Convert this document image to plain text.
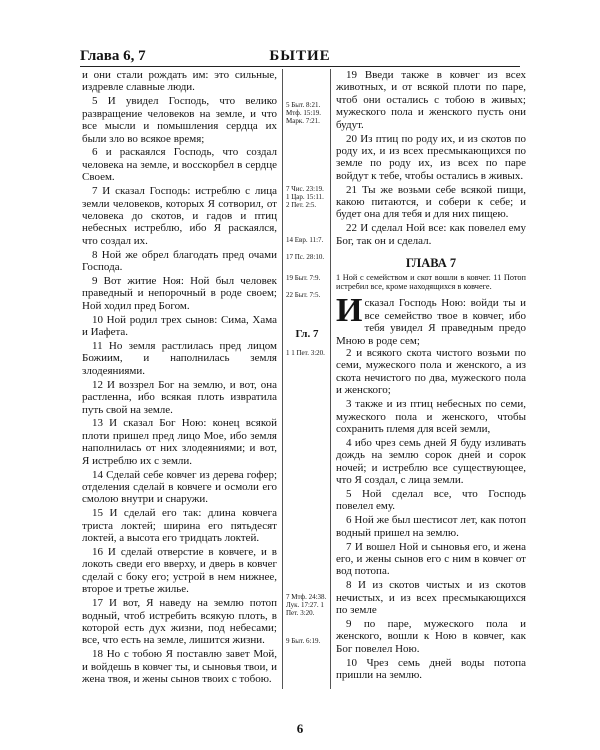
Глава 6, 7	БЫТИЕ

и они стали рождать им: это сильные, издревле славные люди.

5 И увидел Господь, что велико развращение человеков на земле, и что все мысли и помышления сердца их были зло во всякое время;

6 и раскаялся Господь, что создал человека на земле, и восскорбел в сердце Своем.

7 И сказал Господь: истреблю с лица земли человеков, которых Я сотворил, от человека до скотов, и гадов и птиц небесных истреблю, ибо Я раскаялся, что создал их.

8 Ной же обрел благодать пред очами Господа.

9 Вот житие Ноя: Ной был человек праведный и непорочный в роде своем; Ной ходил пред Богом.

10 Ной родил трех сынов: Сима, Хама и Иафета.

11 Но земля растлилась пред лицом Божиим, и наполнилась земля злодеяниями.

12 И воззрел Бог на землю, и вот, она растленна, ибо всякая плоть извратила путь свой на земле.

13 И сказал Бог Ною: конец всякой плоти пришел пред лицо Мое, ибо земля наполнилась от них злодеяниями; и вот, Я истреблю их с земли.

14 Сделай себе ковчег из дерева гофер; отделения сделай в ковчеге и осмоли его смолою внутри и снаружи.

15 И сделай его так: длина ковчега триста локтей; ширина его пятьдесят локтей, а высота его тридцать локтей.

16 И сделай отверстие в ковчеге, и в локоть сведи его вверху, и дверь в ковчег сделай с боку его; устрой в нем нижнее, второе и третье жилье.

17 И вот, Я наведу на землю потоп водный, чтоб истребить всякую плоть, в которой есть дух жизни, под небесами; все, что есть на земле, лишится жизни.

18 Но с тобою Я поставлю завет Мой, и войдешь в ковчег ты, и сыновья твои, и жена твоя, и жены сынов твоих с тобою.

5 Быт. 8:21. Мтф. 15:19. Марк. 7:21.
7 Чис. 23:19. 1 Цар. 15:11. 2 Пет. 2:5.
14 Евр. 11:7.
17 Пс. 28:10.
19 Быт. 7:9.
22 Быт. 7:5.
Гл. 7
1 1 Пет. 3:20.
7 Мтф. 24:38. Лук. 17:27. 1 Пет. 3:20.
9 Быт. 6:19.

19 Введи также в ковчег из всех животных, и от всякой плоти по паре, чтоб они остались с тобою в живых; мужеского пола и женского пусть они будут.

20 Из птиц по роду их, и из скотов по роду их, и из всех пресмыкающихся по земле по роду их, из всех по паре войдут к тебе, чтобы остались в живых.

21 Ты же возьми себе всякой пищи, какою питаются, и собери к себе; и будет она для тебя и для них пищею.

22 И сделал Ной все: как повелел ему Бог, так он и сделал.

ГЛАВА 7
1 Ной с семейством и скот вошли в ковчег. 11 Потоп истребил все, кроме находящихся в ковчеге.

Исказал Господь Ною: войди ты и все семейство твое в ковчег, ибо тебя увидел Я праведным предо Мною в роде сем;

2 и всякого скота чистого возьми по семи, мужеского пола и женского, а из скота нечистого по два, мужеского пола и женского;

3 также и из птиц небесных по семи, мужеского пола и женского, чтобы сохранить племя для всей земли,

4 ибо чрез семь дней Я буду изливать дождь на землю сорок дней и сорок ночей; и истреблю все существующее, что Я создал, с лица земли.

5 Ной сделал все, что Господь повелел ему.

6 Ной же был шестисот лет, как потоп водный пришел на землю.

7 И вошел Ной и сыновья его, и жена его, и жены сынов его с ним в ковчег от вод потопа.

8 И из скотов чистых и из скотов нечистых, и из всех пресмыкающихся по земле

9 по паре, мужеского пола и женского, вошли к Ною в ковчег, как Бог повелел Ною.

10 Чрез семь дней воды потопа пришли на землю.

6
